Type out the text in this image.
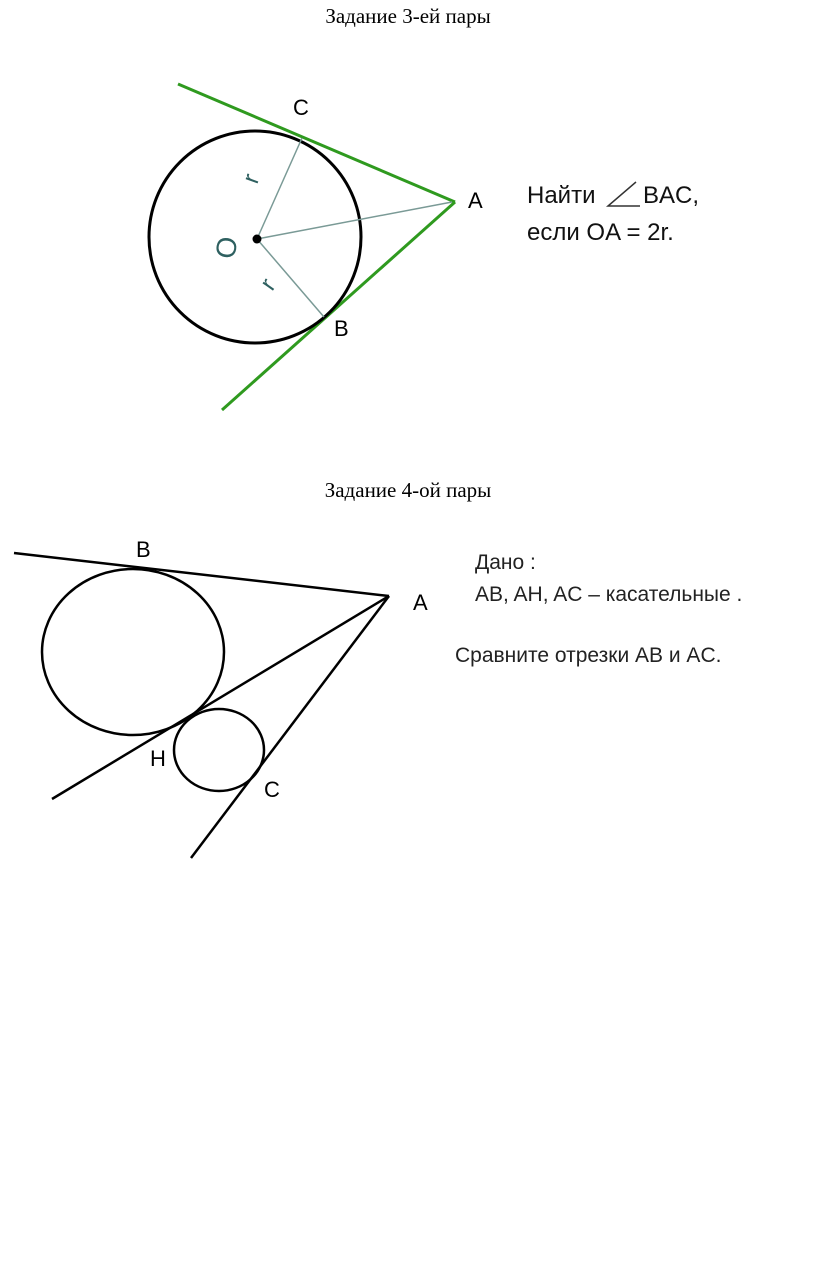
Задание 3-ей пары
C
A
B
O
r
r
Найти BAC,
если OA = 2r.
Задание 4-ой пары
B
A
H
C
Дано :
AB, AH, AC – касательные .
Сравните отрезки AB и AC.
